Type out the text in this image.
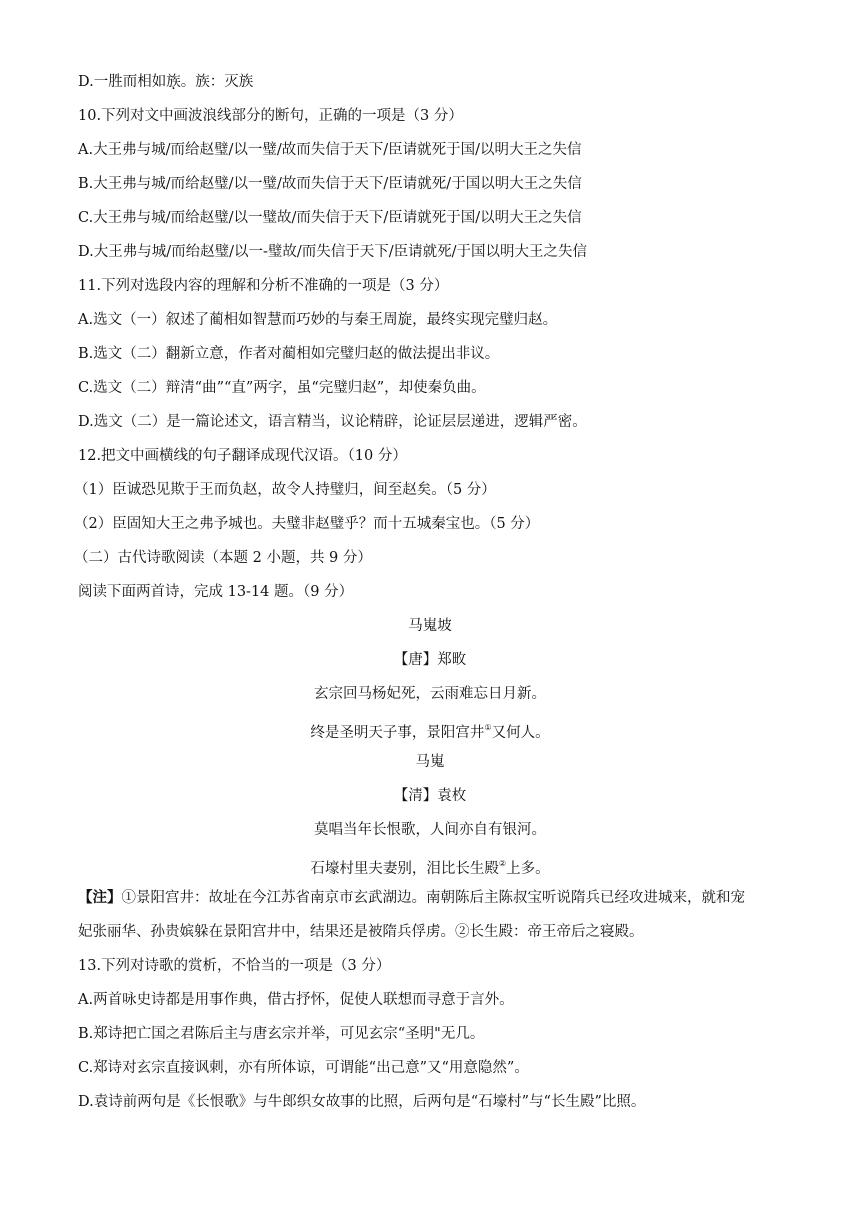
D.一胜而相如族。族：灭族
10.下列对文中画波浪线部分的断句，正确的一项是（3 分）
A.大王弗与城/而给赵璧/以一璧/故而失信于天下/臣请就死于国/以明大王之失信
B.大王弗与城/而给赵璧/以一璧/故而失信于天下/臣请就死/于国以明大王之失信
C.大王弗与城/而给赵璧/以一璧故/而失信于天下/臣请就死于国/以明大王之失信
D.大王弗与城/而绐赵璧/以一-璧故/而失信于天下/臣请就死/于国以明大王之失信
11.下列对选段内容的理解和分析不准确的一项是（3 分）
A.选文（一）叙述了蔺相如智慧而巧妙的与秦王周旋，最终实现完璧归赵。
B.选文（二）翻新立意，作者对蔺相如完璧归赵的做法提出非议。
C.选文（二）辩清“曲”“直”两字，虽“完璧归赵”，却使秦负曲。
D.选文（二）是一篇论述文，语言精当，议论精辟，论证层层递进，逻辑严密。
12.把文中画横线的句子翻译成现代汉语。（10 分）
（1）臣诚恐见欺于王而负赵，故令人持璧归，间至赵矣。（5 分）
（2）臣固知大王之弗予城也。夫璧非赵璧乎？而十五城秦宝也。（5 分）
（二）古代诗歌阅读（本题 2 小题，共 9 分）
阅读下面两首诗，完成 13-14 题。（9 分）
马嵬坡
【唐】郑畋
玄宗回马杨妃死，云雨难忘日月新。
终是圣明天子事，景阳宫井①又何人。
马嵬
【清】袁枚
莫唱当年长恨歌，人间亦自有银河。
石壕村里夫妻别，泪比长生殿②上多。
【注】①景阳宫井：故址在今江苏省南京市玄武湖边。南朝陈后主陈叔宝听说隋兵已经攻进城来，就和宠
妃张丽华、孙贵嫔躲在景阳宫井中，结果还是被隋兵俘虏。②长生殿：帝王帝后之寝殿。
13.下列对诗歌的赏析，不恰当的一项是（3 分）
A.两首咏史诗都是用事作典，借古抒怀，促使人联想而寻意于言外。
B.郑诗把亡国之君陈后主与唐玄宗并举，可见玄宗“圣明"无几。
C.郑诗对玄宗直接讽刺，亦有所体谅，可谓能“出己意”又“用意隐然”。
D.袁诗前两句是《长恨歌》与牛郎织女故事的比照，后两句是“石壕村”与“长生殿”比照。
